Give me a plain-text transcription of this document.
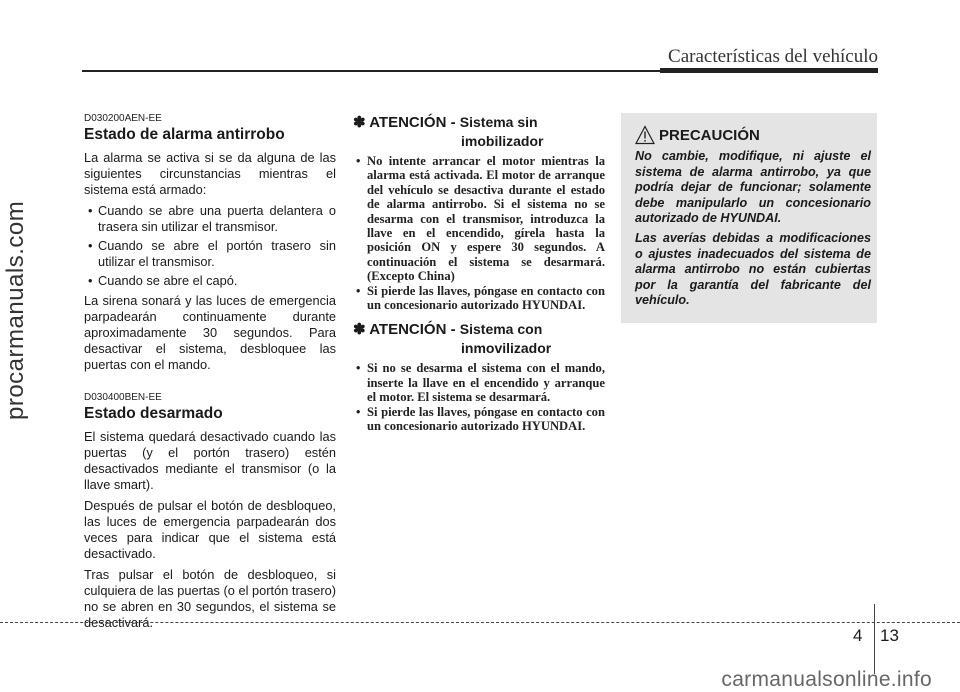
Características del vehículo
procarmanuals.com
D030200AEN-EE
Estado de alarma antirrobo

La alarma se activa si se da alguna de las siguientes circunstancias mientras el sistema está armado:

• Cuando se abre una puerta delantera o trasera sin utilizar el transmisor.
• Cuando se abre el portón trasero sin utilizar el transmisor.
• Cuando se abre el capó.

La sirena sonará y las luces de emergencia parpadearán continuamente durante aproximadamente 30 segundos. Para desactivar el sistema, desbloquee las puertas con el mando.

D030400BEN-EE
Estado desarmado

El sistema quedará desactivado cuando las puertas (y el portón trasero) estén desactivados mediante el transmisor (o la llave smart).

Después de pulsar el botón de desbloqueo, las luces de emergencia parpadearán dos veces para indicar que el sistema está desactivado.

Tras pulsar el botón de desbloqueo, si culquiera de las puertas (o el portón trasero) no se abren en 30 segundos, el sistema se desactivará.

✽ ATENCIÓN - Sistema sin
imobilizador
• No intente arrancar el motor mientras la alarma está activada. El motor de arranque del vehículo se desactiva durante el estado de alarma antirrobo. Si el sistema no se desarma con el transmisor, introduzca la llave en el encendido, gírela hasta la posición ON y espere 30 segundos. A continuación el sistema se desarmará. (Excepto China)
• Si pierde las llaves, póngase en contacto con un concesionario autorizado HYUNDAI.
✽ ATENCIÓN - Sistema con
inmovilizador
• Si no se desarma el sistema con el mando, inserte la llave en el encendido y arranque el motor. El sistema se desarmará.
• Si pierde las llaves, póngase en contacto con un concesionario autorizado HYUNDAI.
PRECAUCIÓN

No cambie, modifique, ni ajuste el sistema de alarma antirrobo, ya que podría dejar de funcionar; solamente debe manipularlo un concesionario autorizado de HYUNDAI.

Las averías debidas a modificaciones o ajustes inadecuados del sistema de alarma antirrobo no están cubiertas por la garantía del fabricante del vehículo.

4 13
carmanualsonline.info
